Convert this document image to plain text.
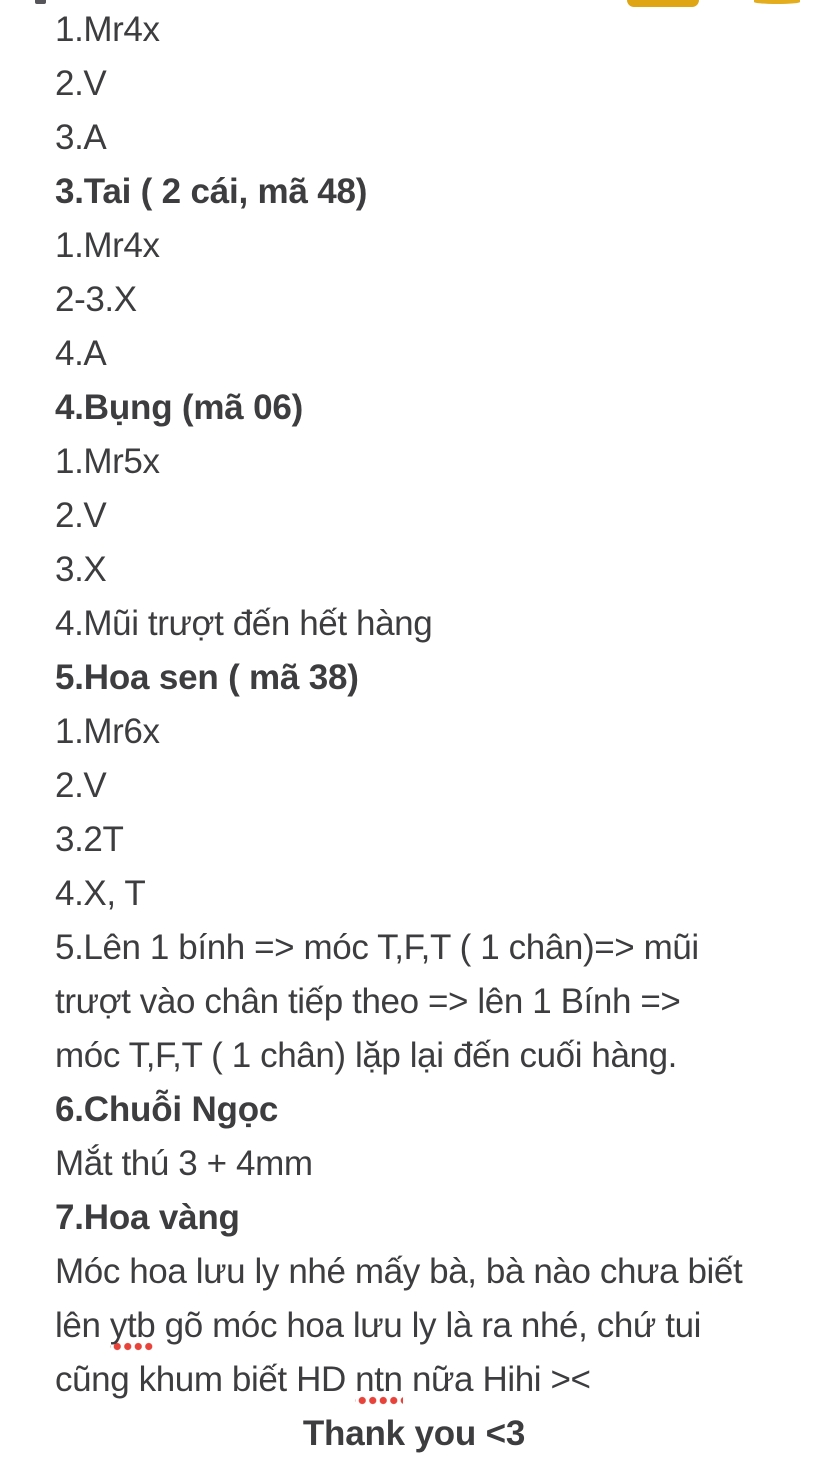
1.Mr4x
2.V
3.A
3.Tai ( 2 cái, mã 48)
1.Mr4x
2-3.X
4.A
4.Bụng (mã 06)
1.Mr5x
2.V
3.X
4.Mũi trượt đến hết hàng
5.Hoa sen ( mã 38)
1.Mr6x
2.V
3.2T
4.X, T
5.Lên 1 bính => móc T,F,T ( 1 chân)=> mũi
trượt vào chân tiếp theo => lên 1 Bính =>
móc T,F,T ( 1 chân) lặp lại đến cuối hàng.
6.Chuỗi Ngọc
Mắt thú 3 + 4mm
7.Hoa vàng
Móc hoa lưu ly nhé mấy bà, bà nào chưa biết
lên ytb gõ móc hoa lưu ly là ra nhé, chứ tui
cũng khum biết HD ntn nữa Hihi ><
Thank you <3
